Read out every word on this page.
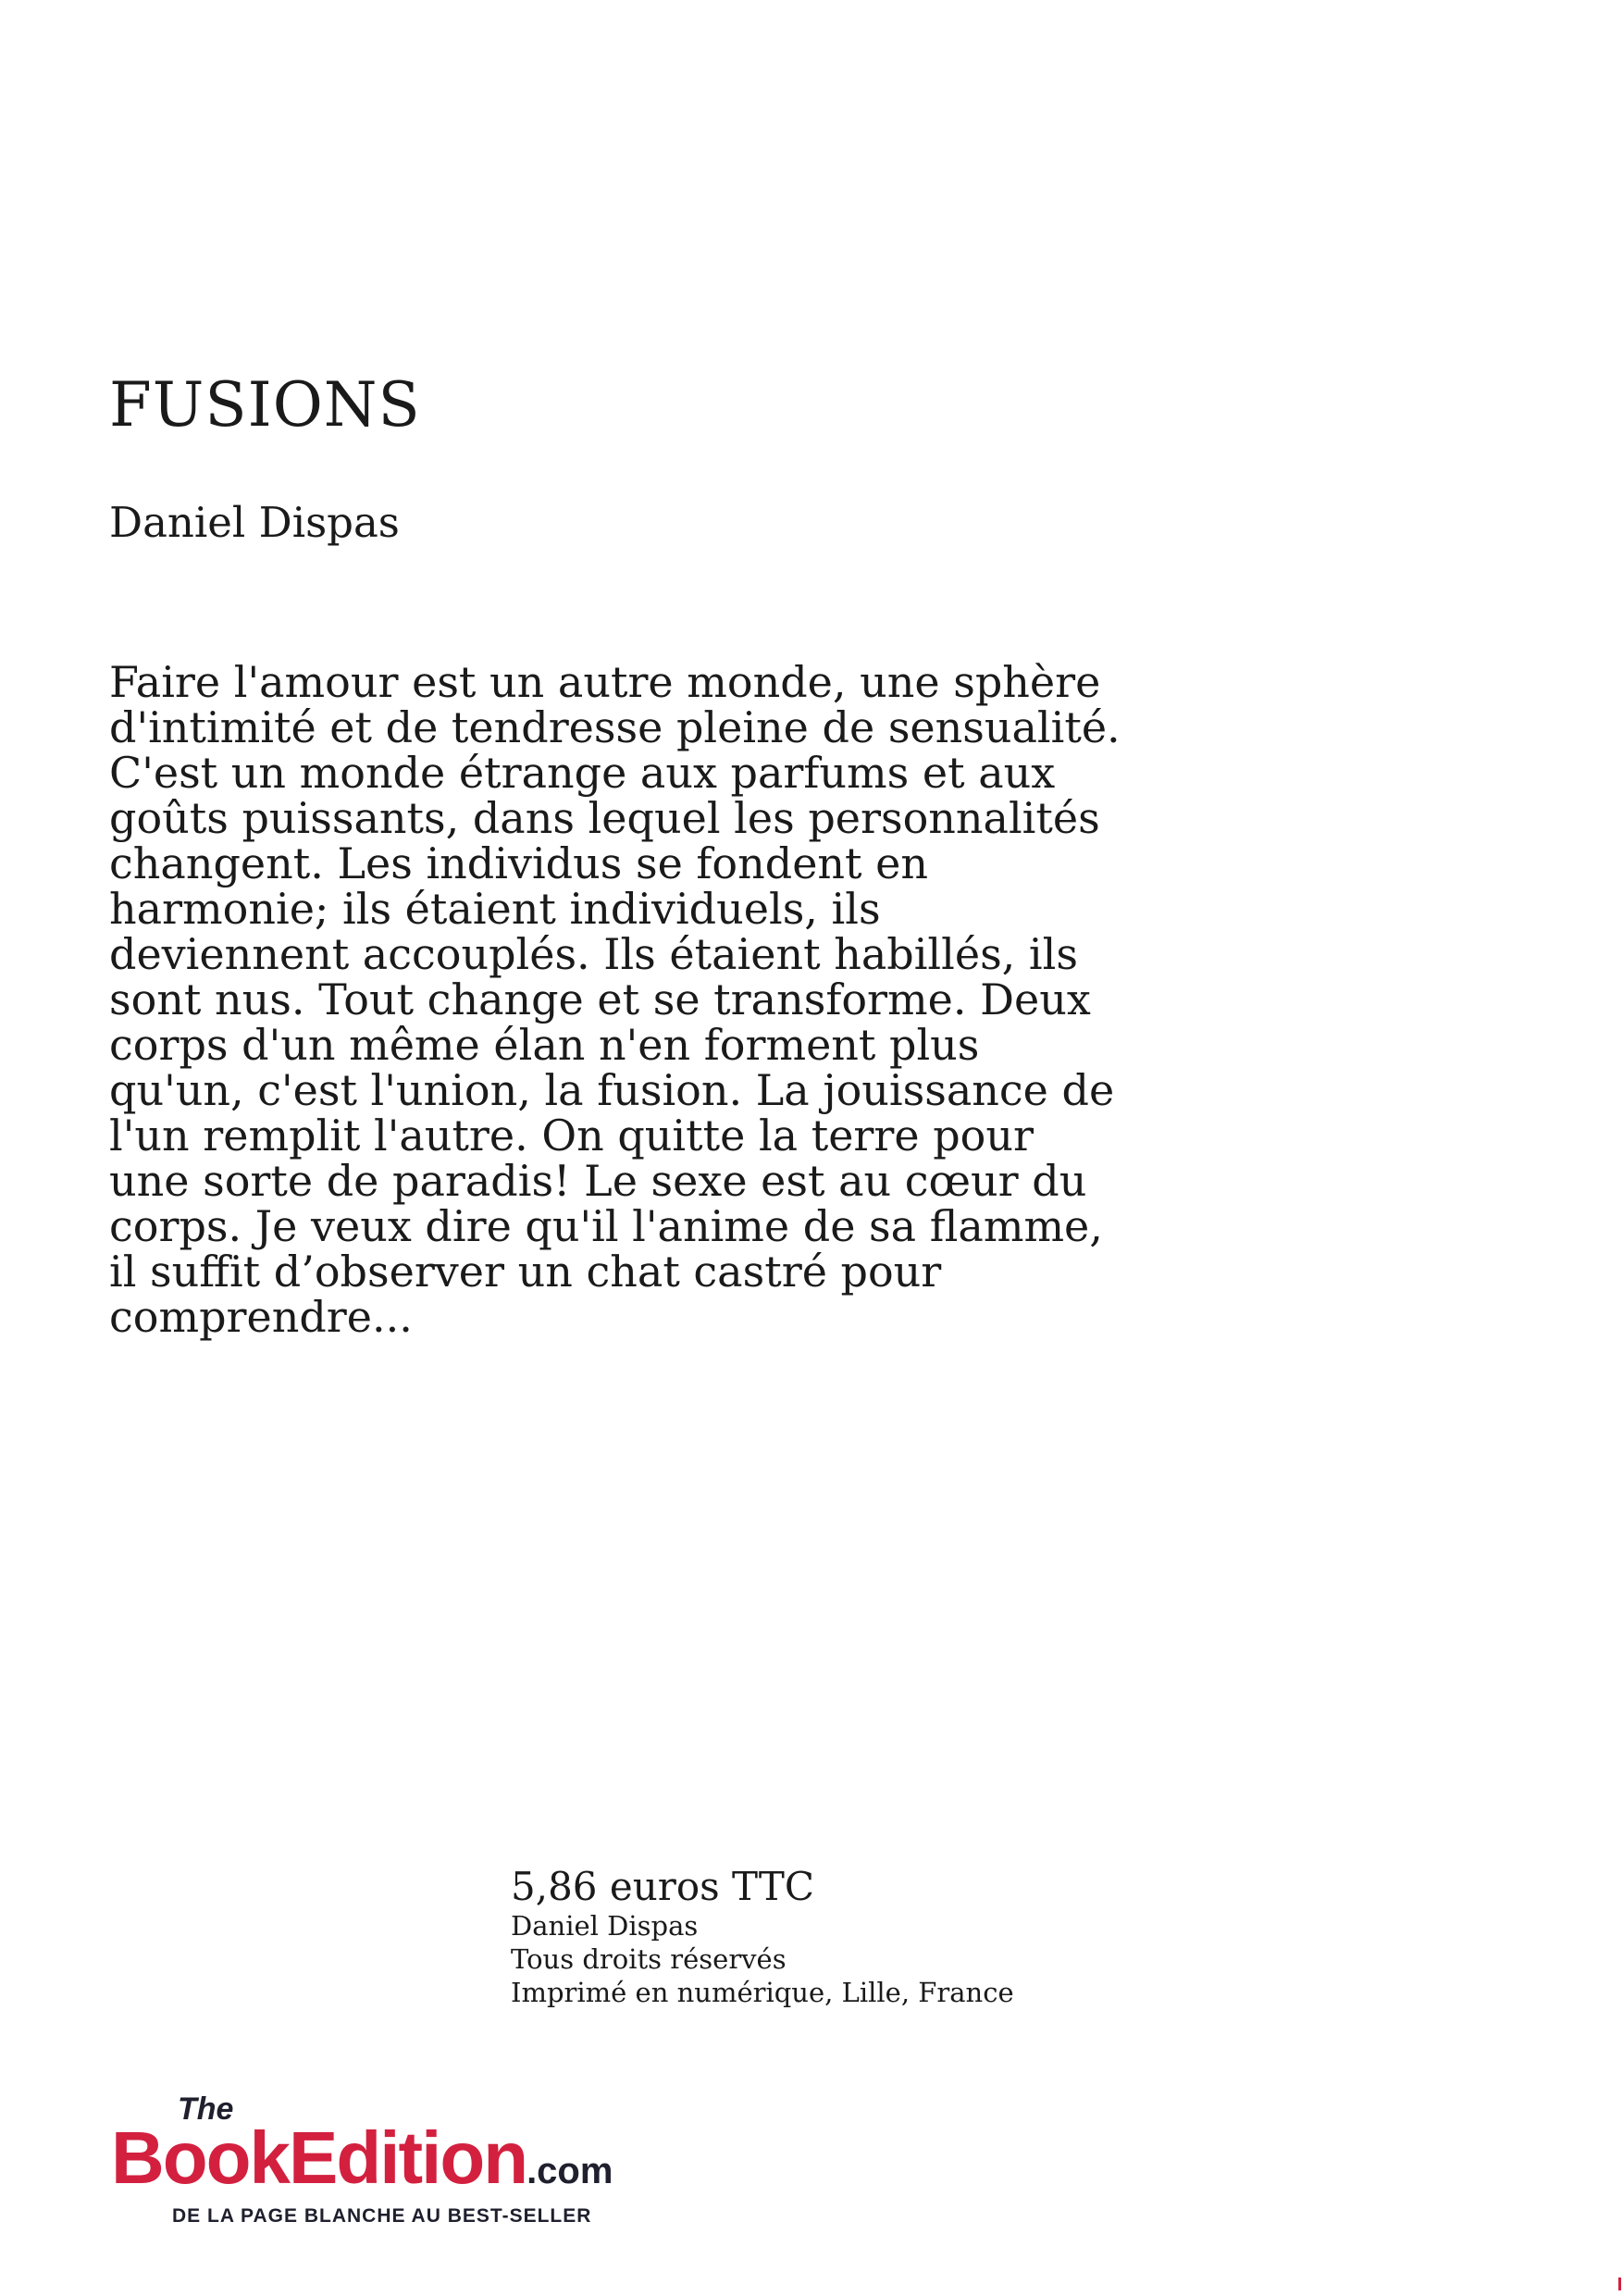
FUSIONS

Daniel Dispas

Faire l'amour est un autre monde, une sphère
d'intimité et de tendresse pleine de sensualité.
C'est un monde étrange aux parfums et aux
goûts puissants, dans lequel les personnalités
changent. Les individus se fondent en
harmonie; ils étaient individuels, ils
deviennent accouplés. Ils étaient habillés, ils
sont nus. Tout change et se transforme. Deux
corps d'un même élan n'en forment plus
qu'un, c'est l'union, la fusion. La jouissance de
l'un remplit l'autre. On quitte la terre pour
une sorte de paradis! Le sexe est au cœur du
corps. Je veux dire qu'il l'anime de sa flamme,
il suffit d’observer un chat castré pour
comprendre...

5,86 euros TTC
Daniel Dispas
Tous droits réservés
Imprimé en numérique, Lille, France
The
BookEdition.com
DE LA PAGE BLANCHE AU BEST-SELLER
